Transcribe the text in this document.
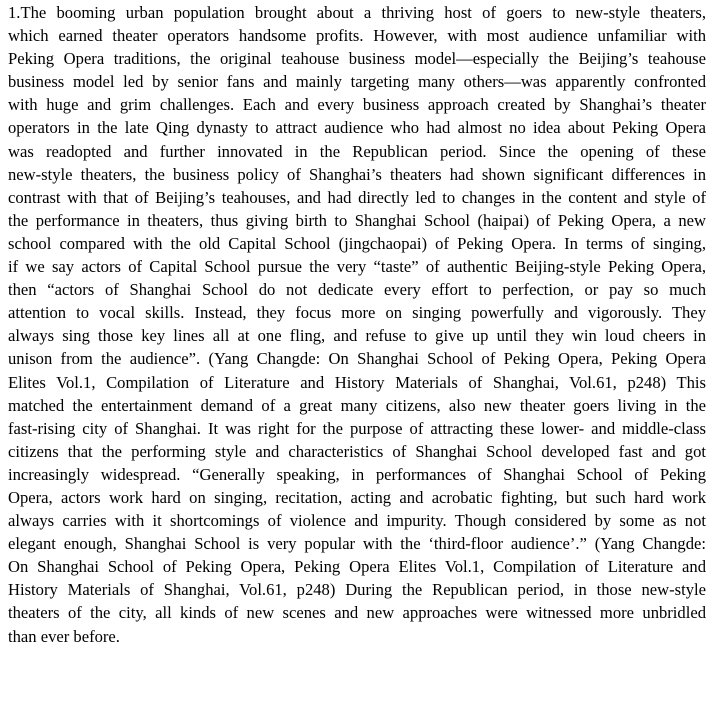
1.The booming urban population brought about a thriving host of goers to new-style theaters,
which earned theater operators handsome profits. However, with most audience unfamiliar with
Peking Opera traditions, the original teahouse business model—especially the Beijing’s teahouse
business model led by senior fans and mainly targeting many others—was apparently confronted
with huge and grim challenges. Each and every business approach created by Shanghai’s theater
operators in the late Qing dynasty to attract audience who had almost no idea about Peking Opera
was readopted and further innovated in the Republican period. Since the opening of these
new-style theaters, the business policy of Shanghai’s theaters had shown significant differences in
contrast with that of Beijing’s teahouses, and had directly led to changes in the content and style of
the performance in theaters, thus giving birth to Shanghai School (haipai) of Peking Opera, a new
school compared with the old Capital School (jingchaopai) of Peking Opera. In terms of singing,
if we say actors of Capital School pursue the very “taste” of authentic Beijing-style Peking Opera,
then “actors of Shanghai School do not dedicate every effort to perfection, or pay so much
attention to vocal skills. Instead, they focus more on singing powerfully and vigorously. They
always sing those key lines all at one fling, and refuse to give up until they win loud cheers in
unison from the audience”. (Yang Changde: On Shanghai School of Peking Opera, Peking Opera
Elites Vol.1, Compilation of Literature and History Materials of Shanghai, Vol.61, p248) This
matched the entertainment demand of a great many citizens, also new theater goers living in the
fast-rising city of Shanghai. It was right for the purpose of attracting these lower- and middle-class
citizens that the performing style and characteristics of Shanghai School developed fast and got
increasingly widespread. “Generally speaking, in performances of Shanghai School of Peking
Opera, actors work hard on singing, recitation, acting and acrobatic fighting, but such hard work
always carries with it shortcomings of violence and impurity. Though considered by some as not
elegant enough, Shanghai School is very popular with the ‘third-floor audience’.” (Yang Changde:
On Shanghai School of Peking Opera, Peking Opera Elites Vol.1, Compilation of Literature and
History Materials of Shanghai, Vol.61, p248) During the Republican period, in those new-style
theaters of the city, all kinds of new scenes and new approaches were witnessed more unbridled
than ever before.
